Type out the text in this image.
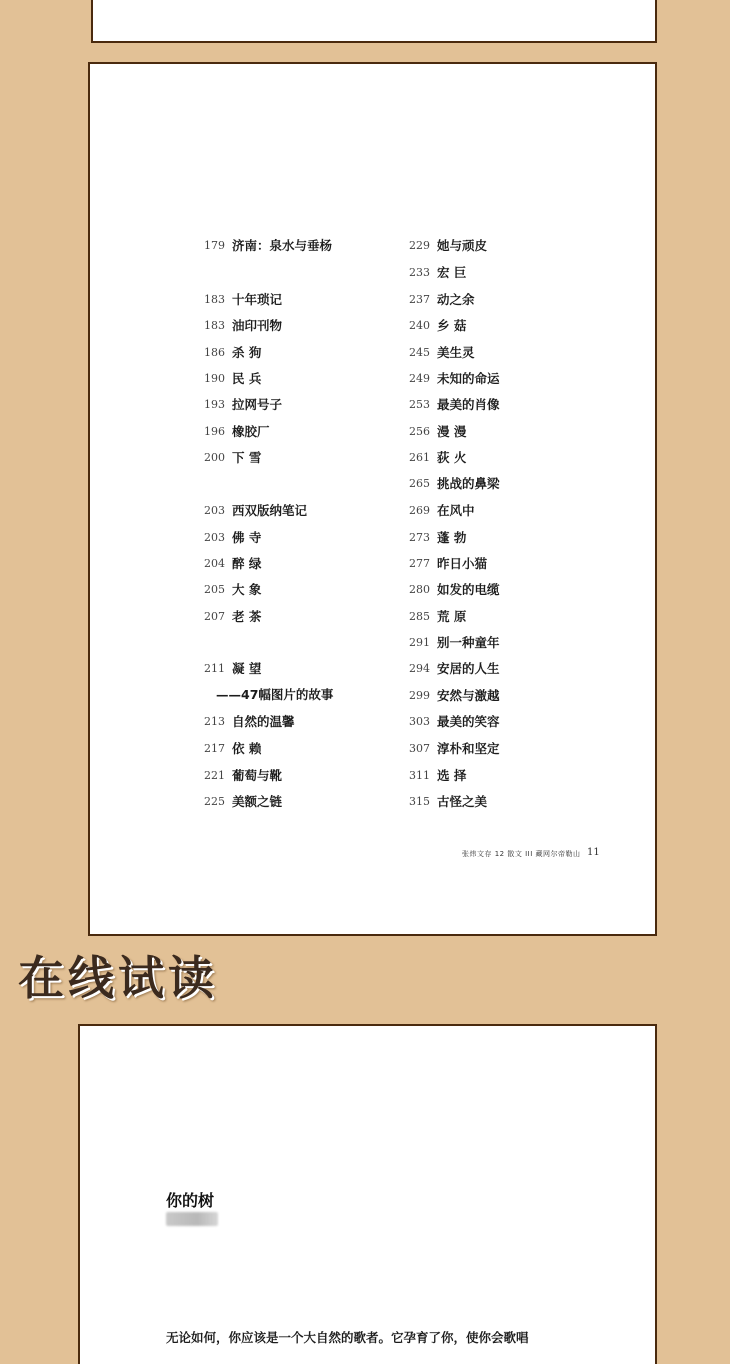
179 济南：泉水与垂杨
183 十年琐记
183 油印刊物
186 杀 狗
190 民 兵
193 拉网号子
196 橡胶厂
200 下 雪
203 西双版纳笔记
203 佛 寺
204 醉 绿
205 大 象
207 老 茶
211 凝 望
213 自然的温馨
217 依 赖
221 葡萄与靴
225 美额之链
229 她与顽皮
233 宏 巨
237 动之余
240 乡 菇
245 美生灵
249 未知的命运
253 最美的肖像
256 漫 漫
261 荻 火
265 挑战的鼻梁
269 在风中
273 蓬 勃
277 昨日小猫
280 如发的电缆
285 荒 原
291 别一种童年
294 安居的人生
299 安然与激越
303 最美的笑容
307 淳朴和坚定
311 选 择
315 古怪之美
——47幅图片的故事
张炜文存 12 散文 III 藏网尔帝勒山 11
在线试读
你的树
无论如何，你应该是一个大自然的歌者。它孕育了你，使你会歌唱
